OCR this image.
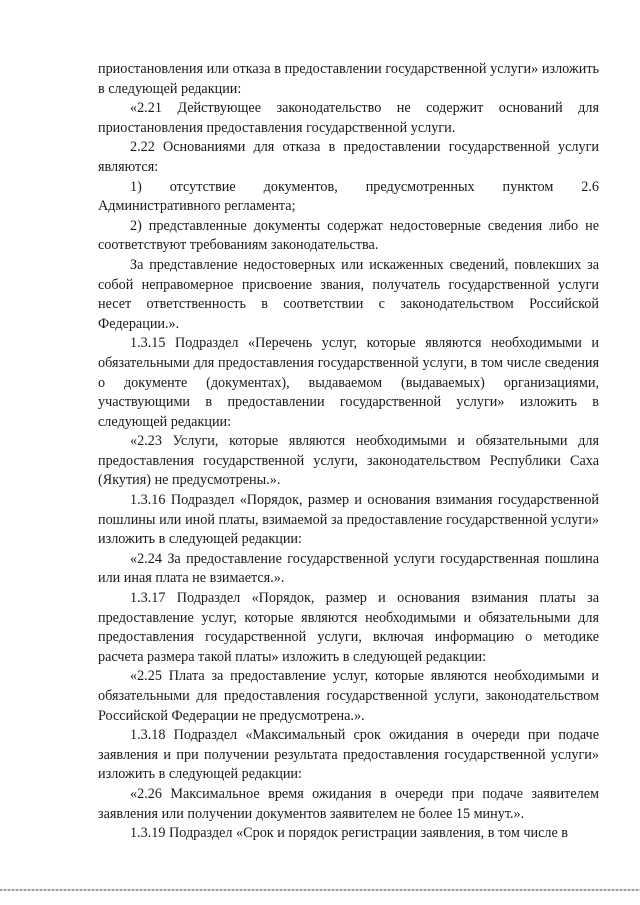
приостановления или отказа в предоставлении государственной услуги» изложить в следующей редакции:

«2.21 Действующее законодательство не содержит оснований для приостановления предоставления государственной услуги.

2.22 Основаниями для отказа в предоставлении государственной услуги являются:

1) отсутствие документов, предусмотренных пунктом 2.6 Административного регламента;

2) представленные документы содержат недостоверные сведения либо не соответствуют требованиям законодательства.

За представление недостоверных или искаженных сведений, повлекших за собой неправомерное присвоение звания, получатель государственной услуги несет ответственность в соответствии с законодательством Российской Федерации.».

1.3.15 Подраздел «Перечень услуг, которые являются необходимыми и обязательными для предоставления государственной услуги, в том числе сведения о документе (документах), выдаваемом (выдаваемых) организациями, участвующими в предоставлении государственной услуги» изложить в следующей редакции:

«2.23 Услуги, которые являются необходимыми и обязательными для предоставления государственной услуги, законодательством Республики Саха (Якутия) не предусмотрены.».

1.3.16 Подраздел «Порядок, размер и основания взимания государственной пошлины или иной платы, взимаемой за предоставление государственной услуги» изложить в следующей редакции:

«2.24 За предоставление государственной услуги государственная пошлина или иная плата не взимается.».

1.3.17 Подраздел «Порядок, размер и основания взимания платы за предоставление услуг, которые являются необходимыми и обязательными для предоставления государственной услуги, включая информацию о методике расчета размера такой платы» изложить в следующей редакции:

«2.25 Плата за предоставление услуг, которые являются необходимыми и обязательными для предоставления государственной услуги, законодательством Российской Федерации не предусмотрена.».

1.3.18 Подраздел «Максимальный срок ожидания в очереди при подаче заявления и при получении результата предоставления государственной услуги» изложить в следующей редакции:

«2.26 Максимальное время ожидания в очереди при подаче заявителем заявления или получении документов заявителем не более 15 минут.».

1.3.19 Подраздел «Срок и порядок регистрации заявления, в том числе в
